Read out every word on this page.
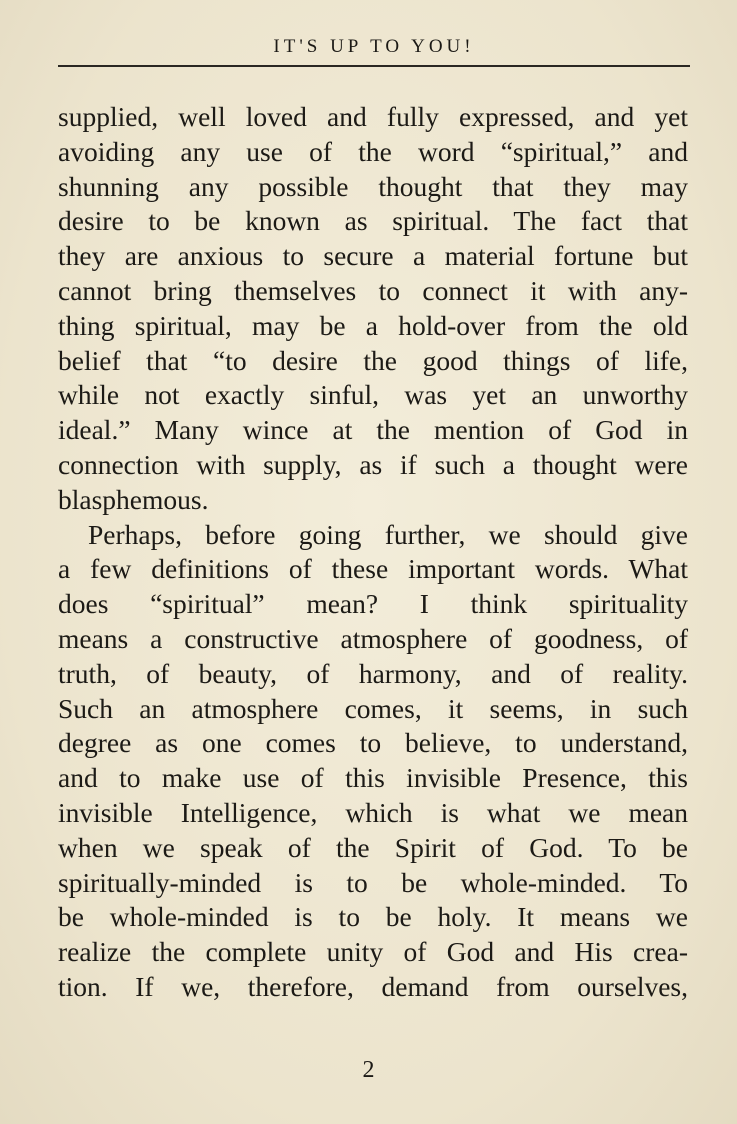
IT'S UP TO YOU!
supplied, well loved and fully expressed, and yet
avoiding any use of the word “spiritual,” and
shunning any possible thought that they may
desire to be known as spiritual. The fact that
they are anxious to secure a material fortune but
cannot bring themselves to connect it with any-
thing spiritual, may be a hold-over from the old
belief that “to desire the good things of life,
while not exactly sinful, was yet an unworthy
ideal.” Many wince at the mention of God in
connection with supply, as if such a thought were
blasphemous.
Perhaps, before going further, we should give
a few definitions of these important words. What
does “spiritual” mean? I think spirituality
means a constructive atmosphere of goodness, of
truth, of beauty, of harmony, and of reality.
Such an atmosphere comes, it seems, in such
degree as one comes to believe, to understand,
and to make use of this invisible Presence, this
invisible Intelligence, which is what we mean
when we speak of the Spirit of God. To be
spiritually-minded is to be whole-minded. To
be whole-minded is to be holy. It means we
realize the complete unity of God and His crea-
tion. If we, therefore, demand from ourselves,
2
